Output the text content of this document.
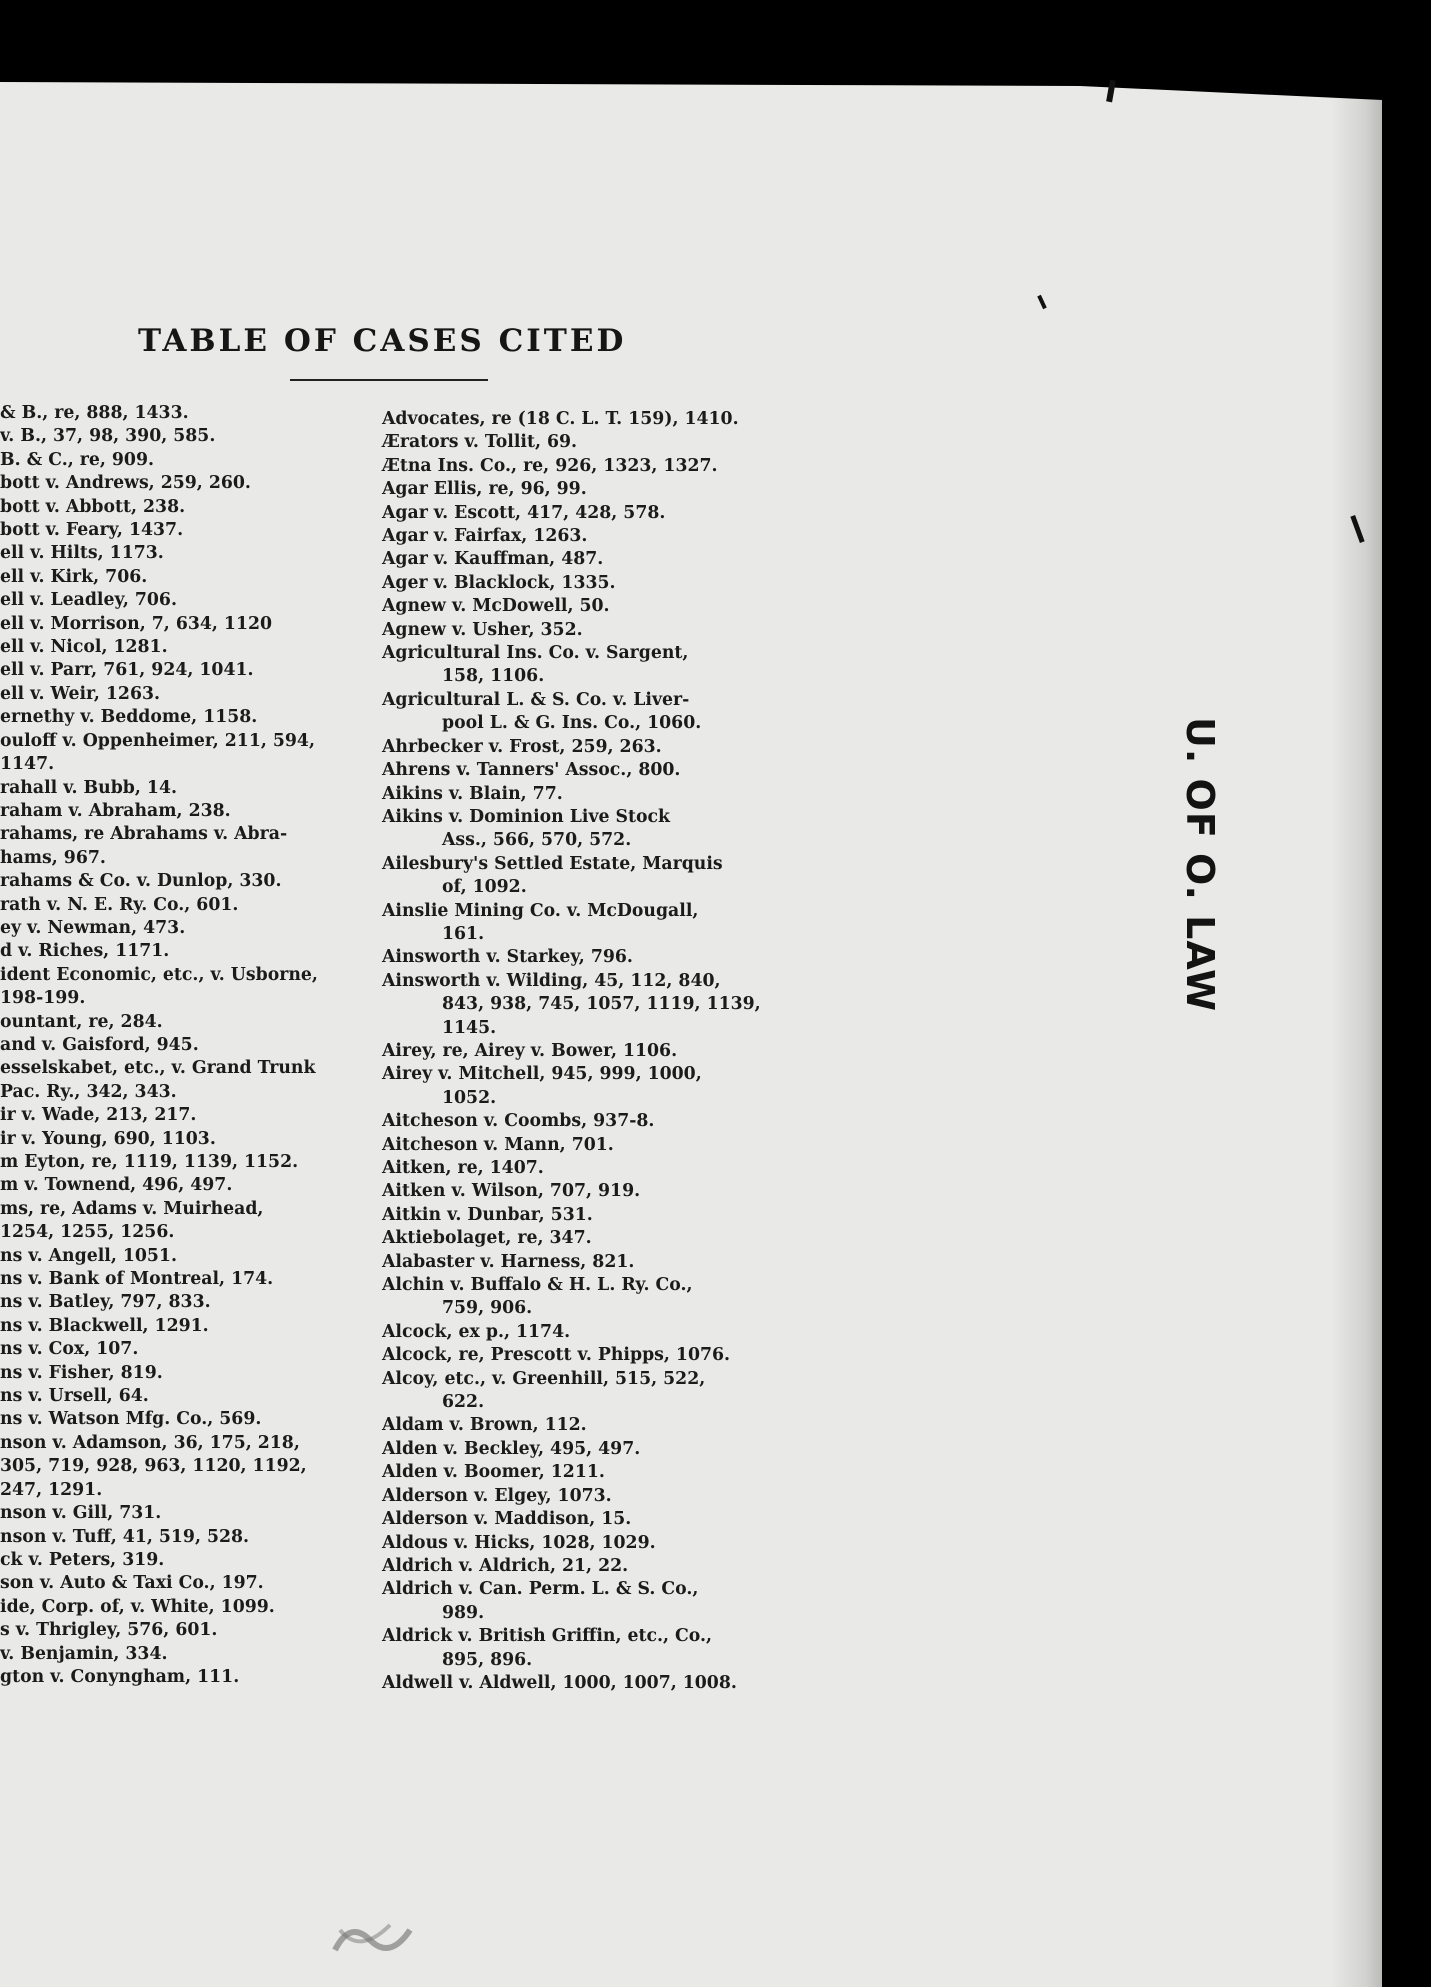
TABLE OF CASES CITED
& B., re, 888, 1433.
v. B., 37, 98, 390, 585.
B. & C., re, 909.
bott v. Andrews, 259, 260.
bott v. Abbott, 238.
bott v. Feary, 1437.
ell v. Hilts, 1173.
ell v. Kirk, 706.
ell v. Leadley, 706.
ell v. Morrison, 7, 634, 1120
ell v. Nicol, 1281.
ell v. Parr, 761, 924, 1041.
ell v. Weir, 1263.
ernethy v. Beddome, 1158.
ouloff v. Oppenheimer, 211, 594,
1147.
rahall v. Bubb, 14.
raham v. Abraham, 238.
rahams, re Abrahams v. Abra-
hams, 967.
rahams & Co. v. Dunlop, 330.
rath v. N. E. Ry. Co., 601.
ey v. Newman, 473.
d v. Riches, 1171.
ident Economic, etc., v. Usborne,
198-199.
ountant, re, 284.
and v. Gaisford, 945.
esselskabet, etc., v. Grand Trunk
Pac. Ry., 342, 343.
ir v. Wade, 213, 217.
ir v. Young, 690, 1103.
m Eyton, re, 1119, 1139, 1152.
m v. Townend, 496, 497.
ms, re, Adams v. Muirhead,
1254, 1255, 1256.
ns v. Angell, 1051.
ns v. Bank of Montreal, 174.
ns v. Batley, 797, 833.
ns v. Blackwell, 1291.
ns v. Cox, 107.
ns v. Fisher, 819.
ns v. Ursell, 64.
ns v. Watson Mfg. Co., 569.
nson v. Adamson, 36, 175, 218,
305, 719, 928, 963, 1120, 1192,
247, 1291.
nson v. Gill, 731.
nson v. Tuff, 41, 519, 528.
ck v. Peters, 319.
son v. Auto & Taxi Co., 197.
ide, Corp. of, v. White, 1099.
s v. Thrigley, 576, 601.
v. Benjamin, 334.
gton v. Conyngham, 111.
Advocates, re (18 C. L. T. 159), 1410.
Ærators v. Tollit, 69.
Ætna Ins. Co., re, 926, 1323, 1327.
Agar Ellis, re, 96, 99.
Agar v. Escott, 417, 428, 578.
Agar v. Fairfax, 1263.
Agar v. Kauffman, 487.
Ager v. Blacklock, 1335.
Agnew v. McDowell, 50.
Agnew v. Usher, 352.
Agricultural Ins. Co. v. Sargent,
158, 1106.
Agricultural L. & S. Co. v. Liver-
pool L. & G. Ins. Co., 1060.
Ahrbecker v. Frost, 259, 263.
Ahrens v. Tanners' Assoc., 800.
Aikins v. Blain, 77.
Aikins v. Dominion Live Stock
Ass., 566, 570, 572.
Ailesbury's Settled Estate, Marquis
of, 1092.
Ainslie Mining Co. v. McDougall,
161.
Ainsworth v. Starkey, 796.
Ainsworth v. Wilding, 45, 112, 840,
843, 938, 745, 1057, 1119, 1139,
1145.
Airey, re, Airey v. Bower, 1106.
Airey v. Mitchell, 945, 999, 1000,
1052.
Aitcheson v. Coombs, 937-8.
Aitcheson v. Mann, 701.
Aitken, re, 1407.
Aitken v. Wilson, 707, 919.
Aitkin v. Dunbar, 531.
Aktiebolaget, re, 347.
Alabaster v. Harness, 821.
Alchin v. Buffalo & H. L. Ry. Co.,
759, 906.
Alcock, ex p., 1174.
Alcock, re, Prescott v. Phipps, 1076.
Alcoy, etc., v. Greenhill, 515, 522,
622.
Aldam v. Brown, 112.
Alden v. Beckley, 495, 497.
Alden v. Boomer, 1211.
Alderson v. Elgey, 1073.
Alderson v. Maddison, 15.
Aldous v. Hicks, 1028, 1029.
Aldrich v. Aldrich, 21, 22.
Aldrich v. Can. Perm. L. & S. Co.,
989.
Aldrick v. British Griffin, etc., Co.,
895, 896.
Aldwell v. Aldwell, 1000, 1007, 1008.
U. OF O. LAW
